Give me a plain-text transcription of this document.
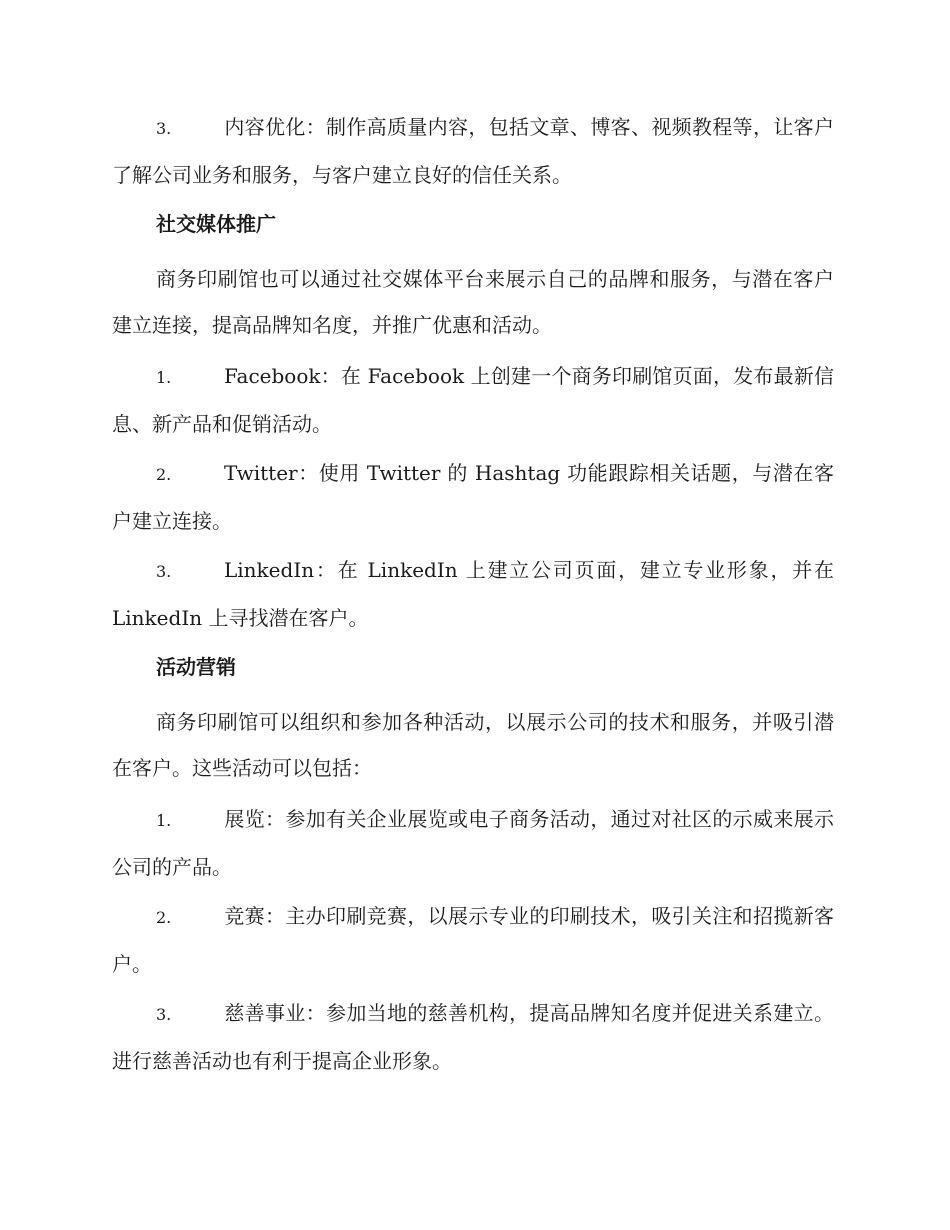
3.	内容优化：制作高质量内容，包括文章、博客、视频教程等，让客户了解公司业务和服务，与客户建立良好的信任关系。
社交媒体推广
商务印刷馆也可以通过社交媒体平台来展示自己的品牌和服务，与潜在客户建立连接，提高品牌知名度，并推广优惠和活动。
1.	Facebook：在 Facebook 上创建一个商务印刷馆页面，发布最新信息、新产品和促销活动。
2.	Twitter：使用 Twitter 的 Hashtag 功能跟踪相关话题，与潜在客户建立连接。
3.	LinkedIn：在 LinkedIn 上建立公司页面，建立专业形象，并在 LinkedIn 上寻找潜在客户。
活动营销
商务印刷馆可以组织和参加各种活动，以展示公司的技术和服务，并吸引潜在客户。这些活动可以包括：
1.	展览：参加有关企业展览或电子商务活动，通过对社区的示威来展示公司的产品。
2.	竞赛：主办印刷竞赛，以展示专业的印刷技术，吸引关注和招揽新客户。
3.	慈善事业：参加当地的慈善机构，提高品牌知名度并促进关系建立。进行慈善活动也有利于提高企业形象。
